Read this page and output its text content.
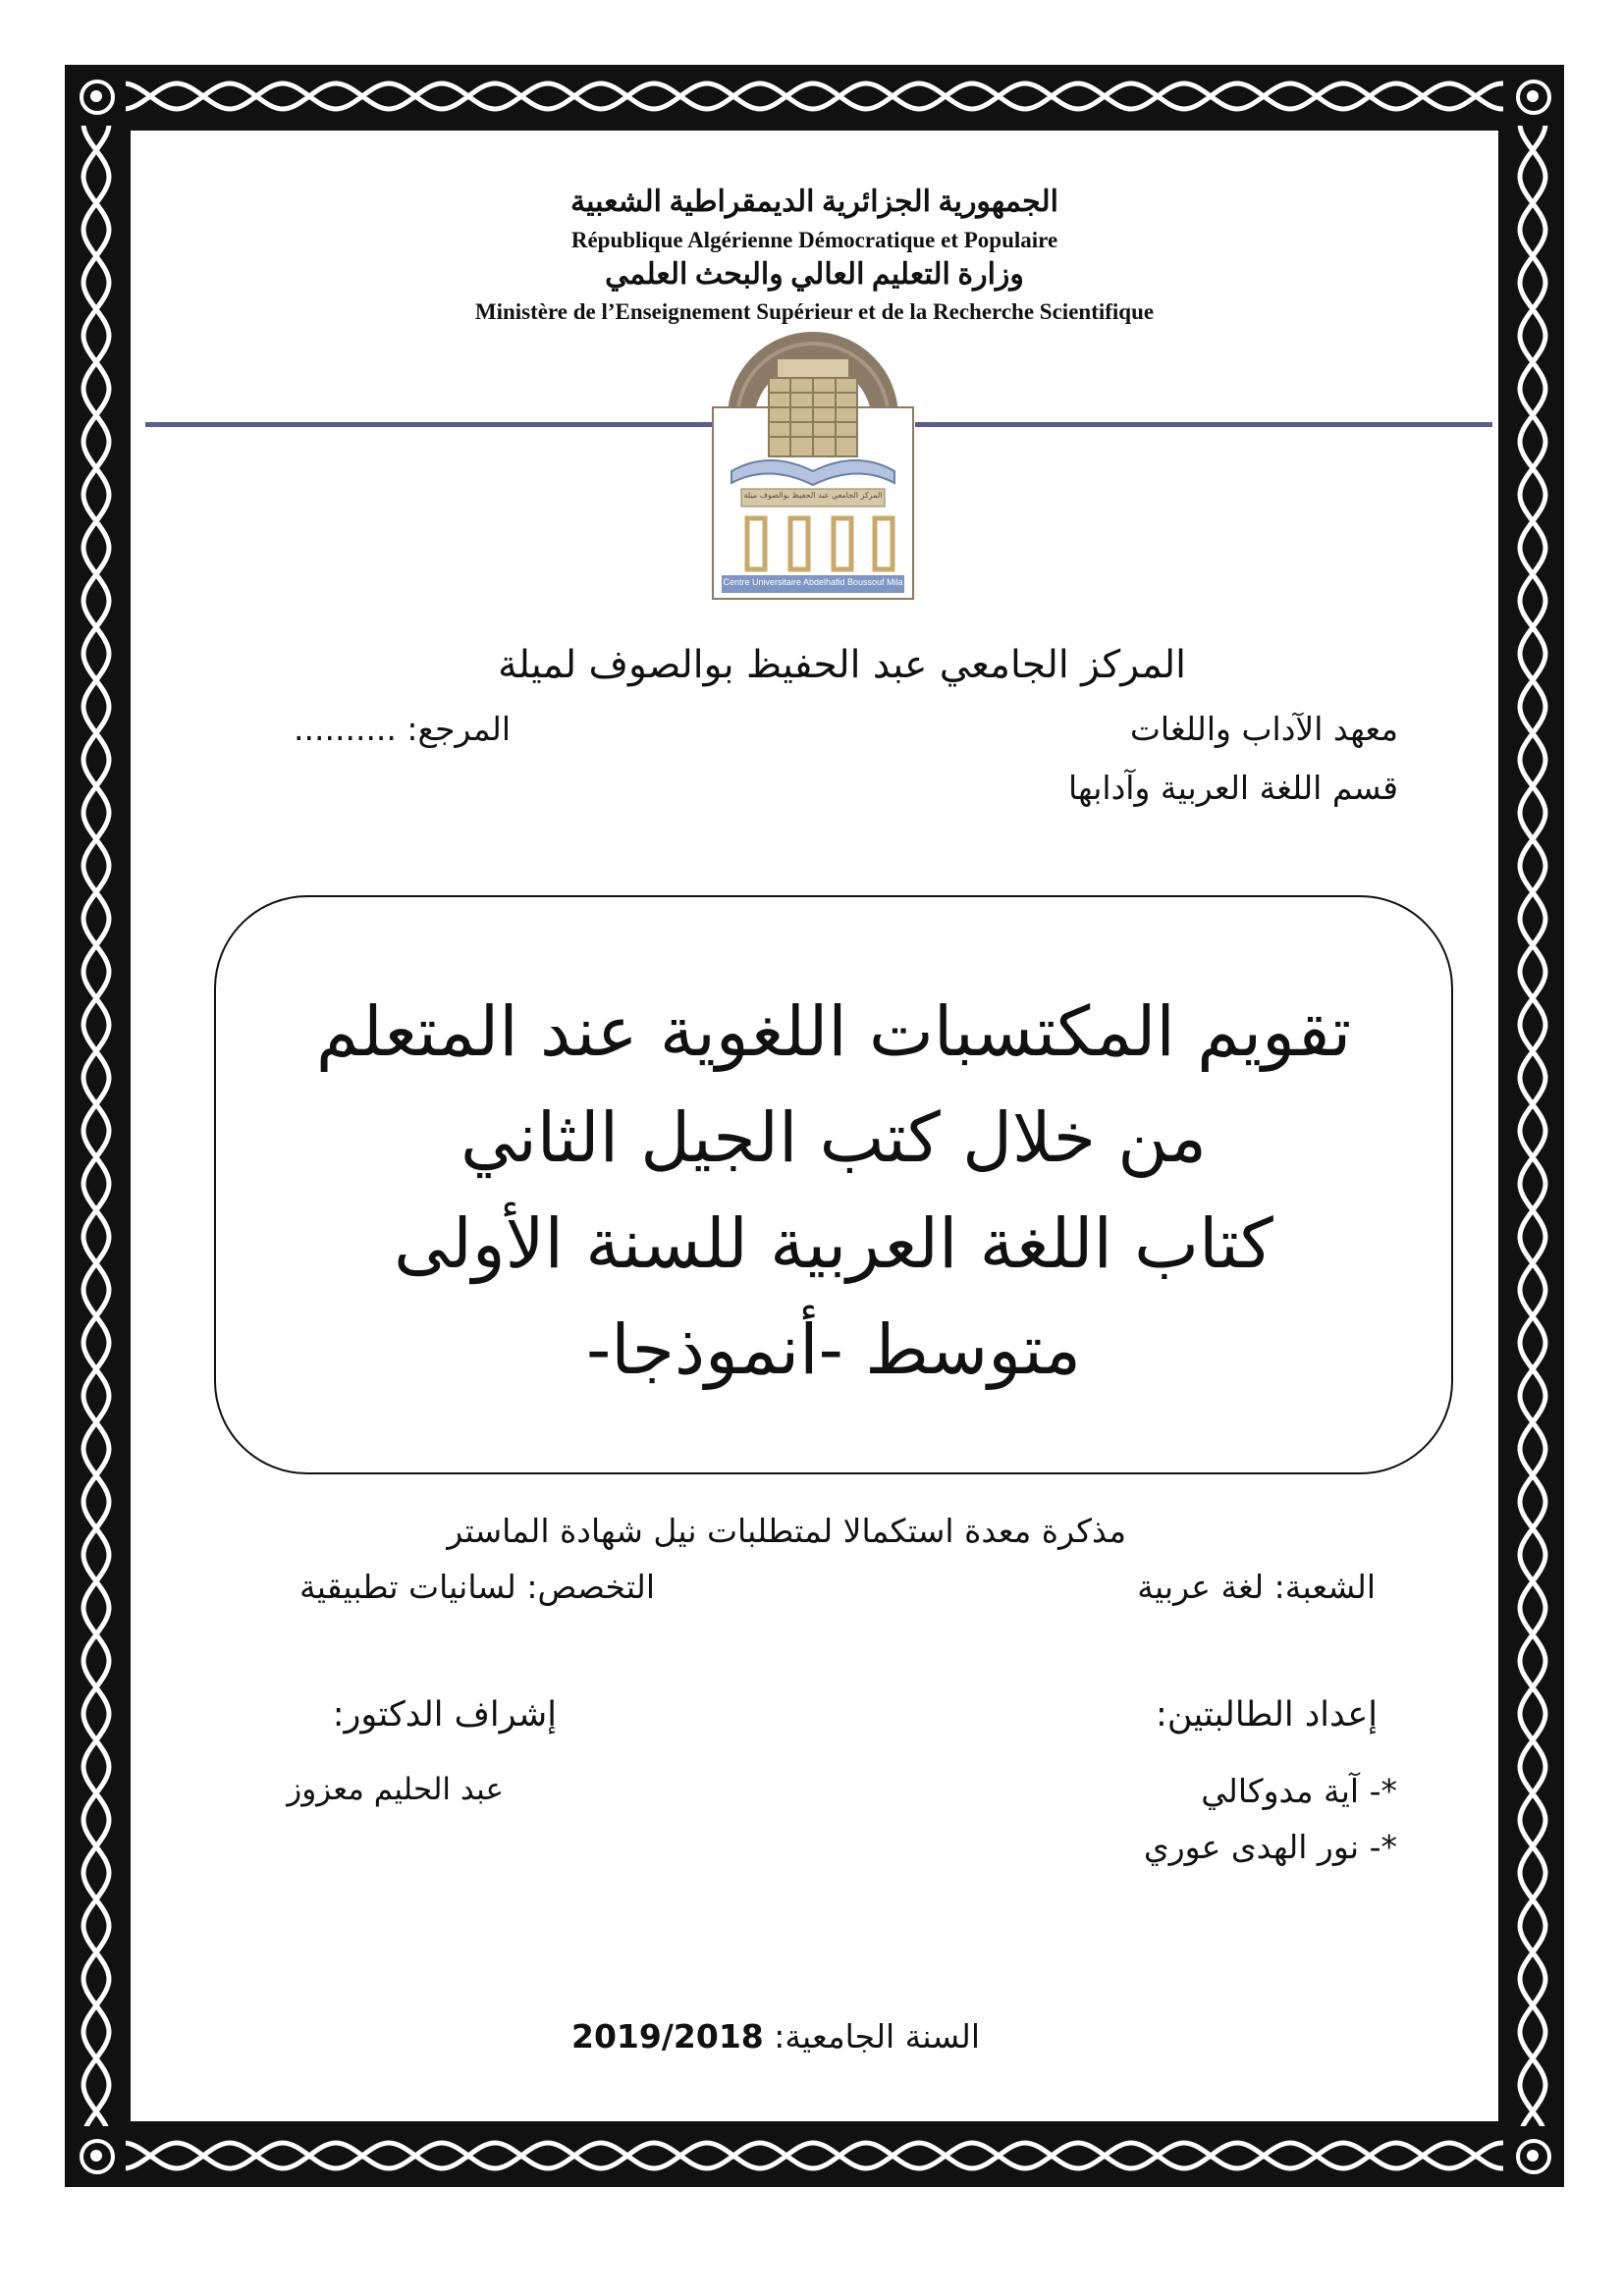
ﺍﻟﺠﻤﻬﻮﺭﻳﺔ ﺍﻟﺠﺰﺍﺋﺮﻳﺔ ﺍﻟﺪﻳﻤﻘﺮﺍﻃﻴﺔ ﺍﻟﺸﻌﺒﻴﺔ
République Algérienne Démocratique et Populaire
ﻭﺯﺍﺭﺓ ﺍﻟﺘﻌﻠﻴﻢ ﺍﻟﻌﺎﻟﻲ ﻭﺍﻟﺒﺤﺚ ﺍﻟﻌﻠﻤﻲ
Ministère de l’Enseignement Supérieur et de la Recherche Scientifique
Centre Universitaire Abdelhafid Boussouf Mila
المركز الجامعي عبد الحفيظ بوالصوف ميلة
المركز الجامعي عبد الحفيظ بوالصوف لميلة
معهد الآداب واللغات
المرجع: ..........
قسم اللغة العربية وآدابها
تقويم المكتسبات اللغوية عند المتعلم
من خلال كتب الجيل الثاني
كتاب اللغة العربية للسنة الأولى
متوسط -أنموذجا-
مذكرة معدة استكمالا لمتطلبات نيل شهادة الماستر
الشعبة: لغة عربية
التخصص: لسانيات تطبيقية
إعداد الطالبتين:
إشراف الدكتور:
*- آية مدوكالي
عبد الحليم معزوز
*- نور الهدى عوري
السنة الجامعية: 2019/2018
